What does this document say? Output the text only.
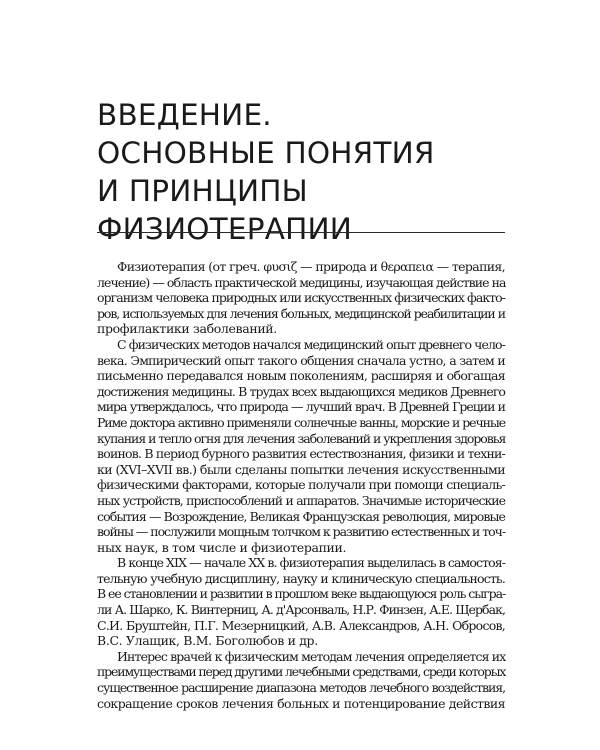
ВВЕДЕНИЕ.
ОСНОВНЫЕ ПОНЯТИЯ
И ПРИНЦИПЫ
ФИЗИОТЕРАПИИ

Физиотерапия (от греч. φυσιζ — природа и θεραπεια — терапия,
лечение) — область практической медицины, изучающая действие на
организм человека природных или искусственных физических факто-
ров, используемых для лечения больных, медицинской реабилитации и
профилактики заболеваний.

С физических методов начался медицинский опыт древнего чело-
века. Эмпирический опыт такого общения сначала устно, а затем и
письменно передавался новым поколениям, расширяя и обогащая
достижения медицины. В трудах всех выдающихся медиков Древнего
мира утверждалось, что природа — лучший врач. В Древней Греции и
Риме доктора активно применяли солнечные ванны, морские и речные
купания и тепло огня для лечения заболеваний и укрепления здоровья
воинов. В период бурного развития естествознания, физики и техни-
ки (XVI–XVII вв.) были сделаны попытки лечения искусственными
физическими факторами, которые получали при помощи специаль-
ных устройств, приспособлений и аппаратов. Значимые исторические
события — Возрождение, Великая Французская революция, мировые
войны — послужили мощным толчком к развитию естественных и точ-
ных наук, в том числе и физиотерапии.

В конце XIX — начале XX в. физиотерапия выделилась в самостоя-
тельную учебную дисциплину, науку и клиническую специальность.
В ее становлении и развитии в прошлом веке выдающуюся роль сыгра-
ли А. Шарко, К. Винтерниц, А. д'Арсонваль, Н.Р. Финзен, А.Е. Щербак,
С.И. Бруштейн, П.Г. Мезерницкий, А.В. Александров, А.Н. Обросов,
В.С. Улащик, В.М. Боголюбов и др.

Интерес врачей к физическим методам лечения определяется их
преимуществами перед другими лечебными средствами, среди которых
существенное расширение диапазона методов лечебного воздействия,
сокращение сроков лечения больных и потенцирование действия
